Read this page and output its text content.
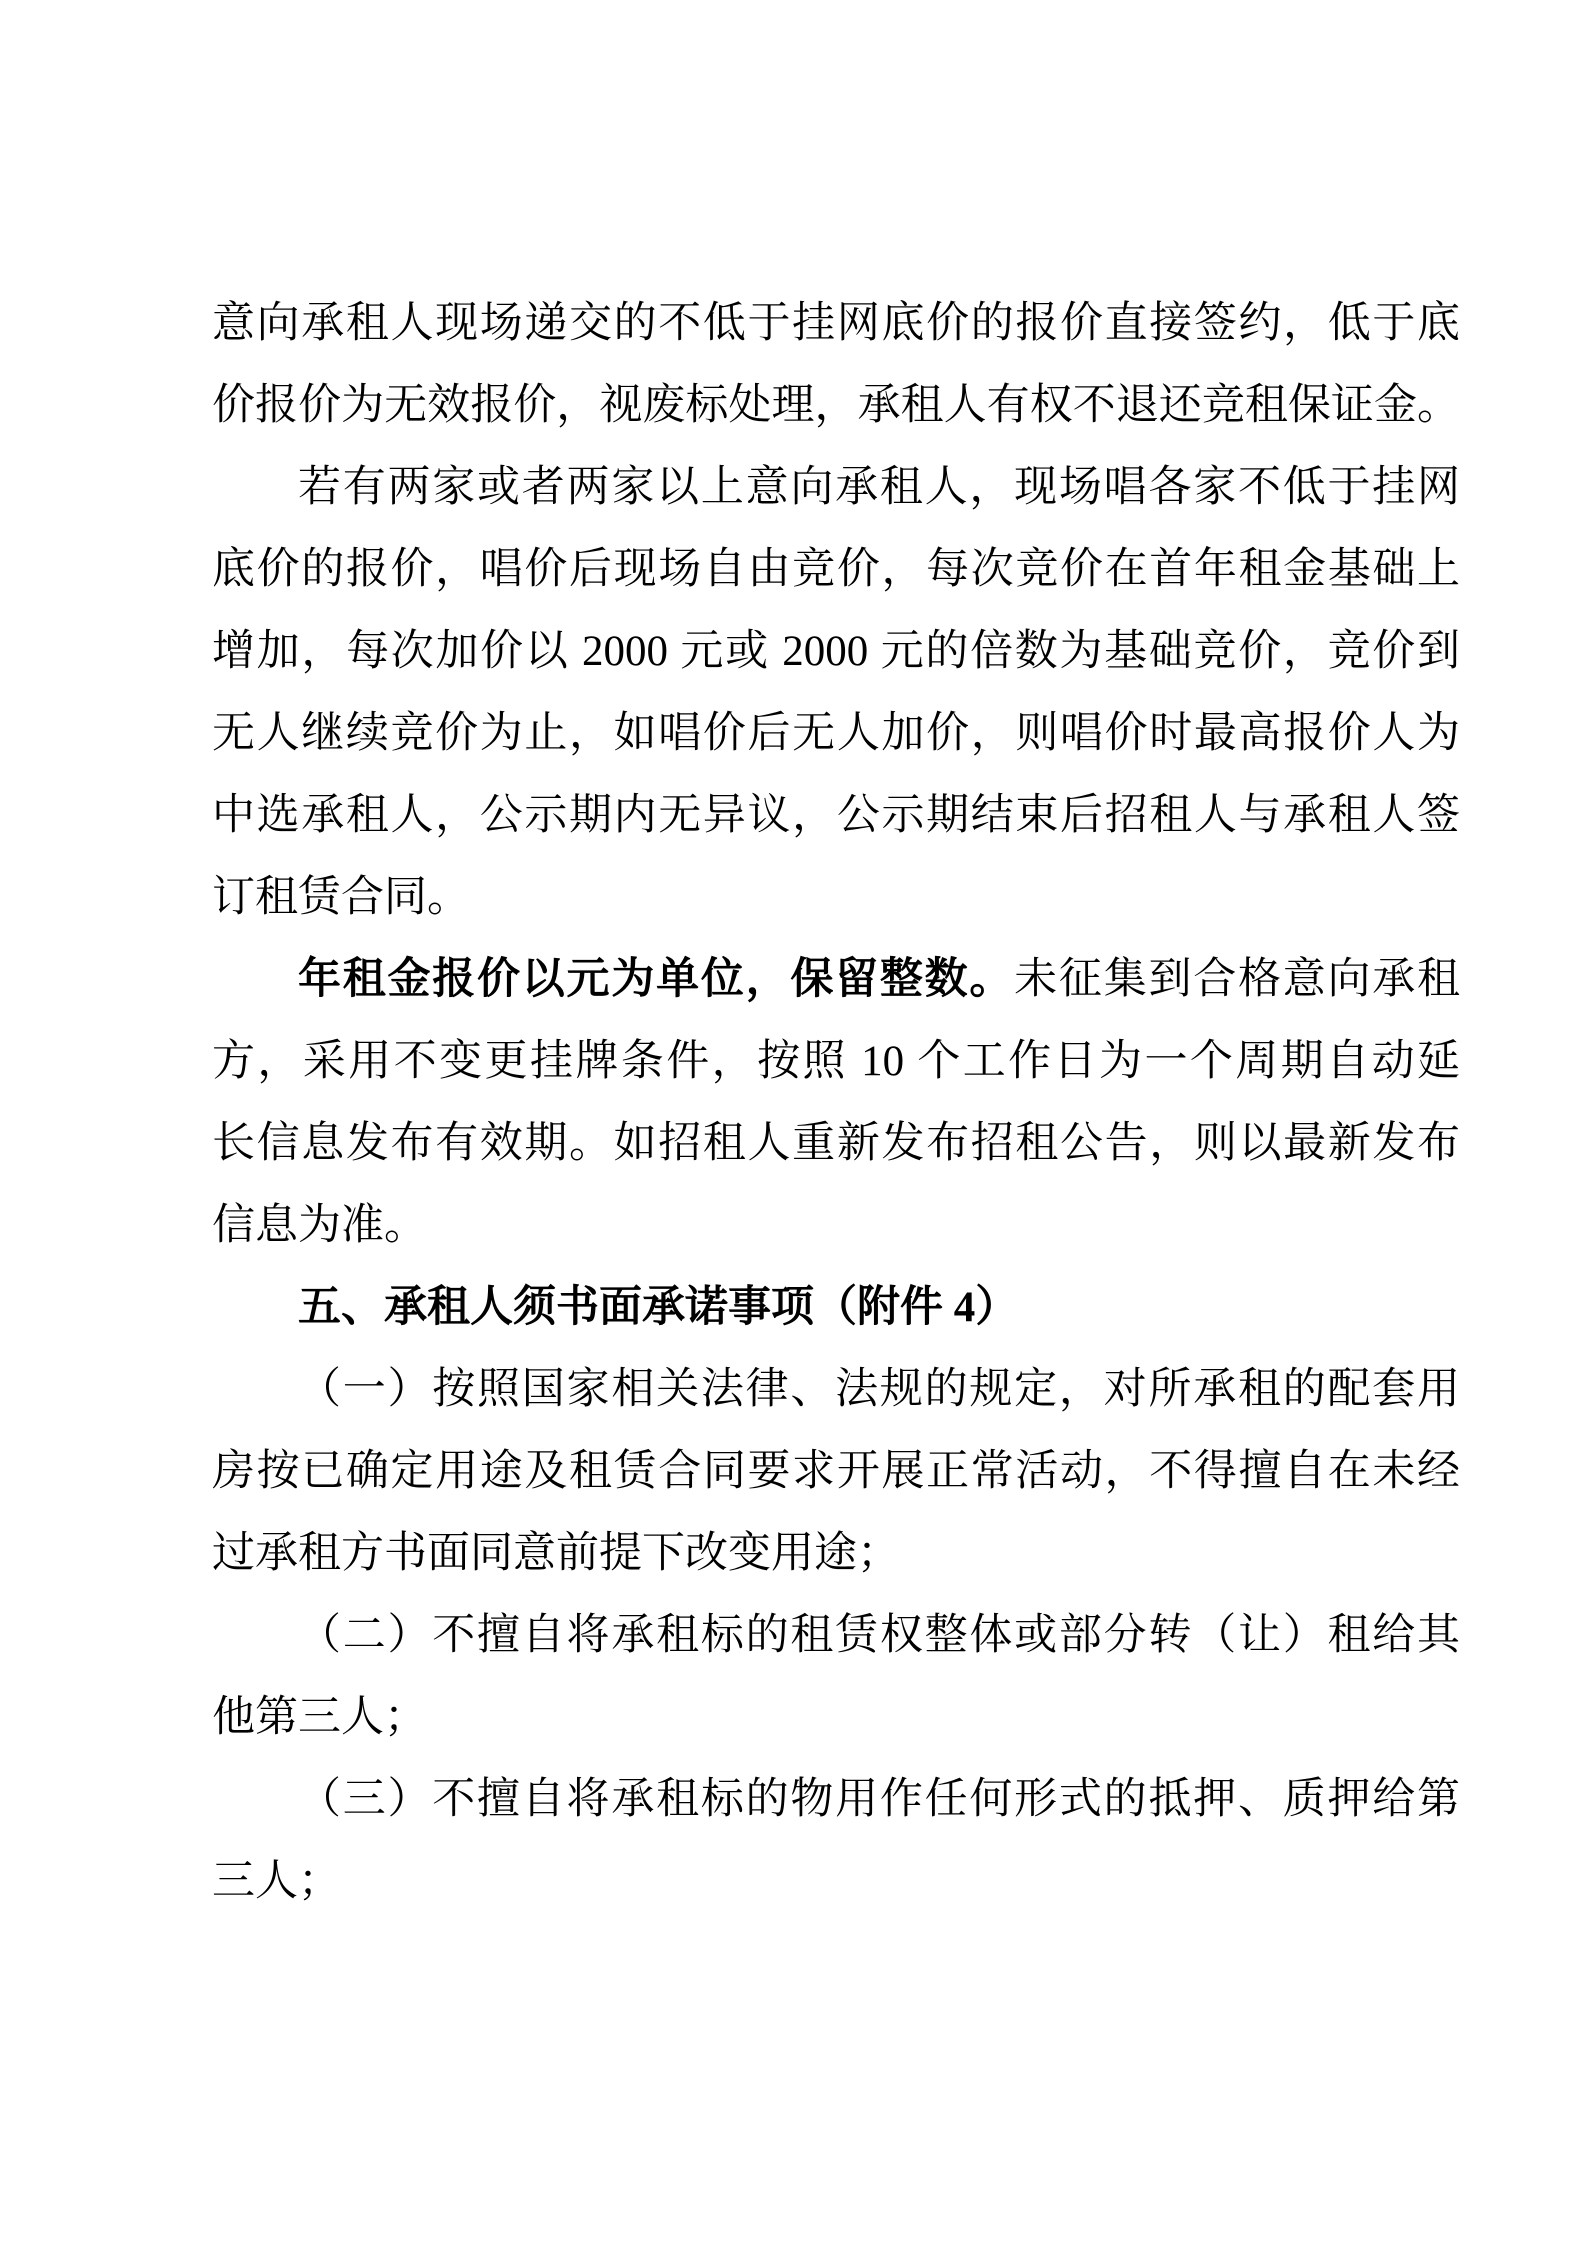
意向承租人现场递交的不低于挂网底价的报价直接签约，低于底
价报价为无效报价，视废标处理，承租人有权不退还竞租保证金。
若有两家或者两家以上意向承租人，现场唱各家不低于挂网
底价的报价，唱价后现场自由竞价，每次竞价在首年租金基础上
增加，每次加价以 2000 元或 2000 元的倍数为基础竞价，竞价到
无人继续竞价为止，如唱价后无人加价，则唱价时最高报价人为
中选承租人，公示期内无异议，公示期结束后招租人与承租人签
订租赁合同。
年租金报价以元为单位，保留整数。未征集到合格意向承租
方，采用不变更挂牌条件，按照 10 个工作日为一个周期自动延
长信息发布有效期。如招租人重新发布招租公告，则以最新发布
信息为准。
五、承租人须书面承诺事项（附件 4）
（一）按照国家相关法律、法规的规定，对所承租的配套用
房按已确定用途及租赁合同要求开展正常活动，不得擅自在未经
过承租方书面同意前提下改变用途；
（二）不擅自将承租标的租赁权整体或部分转（让）租给其
他第三人；
（三）不擅自将承租标的物用作任何形式的抵押、质押给第
三人；
